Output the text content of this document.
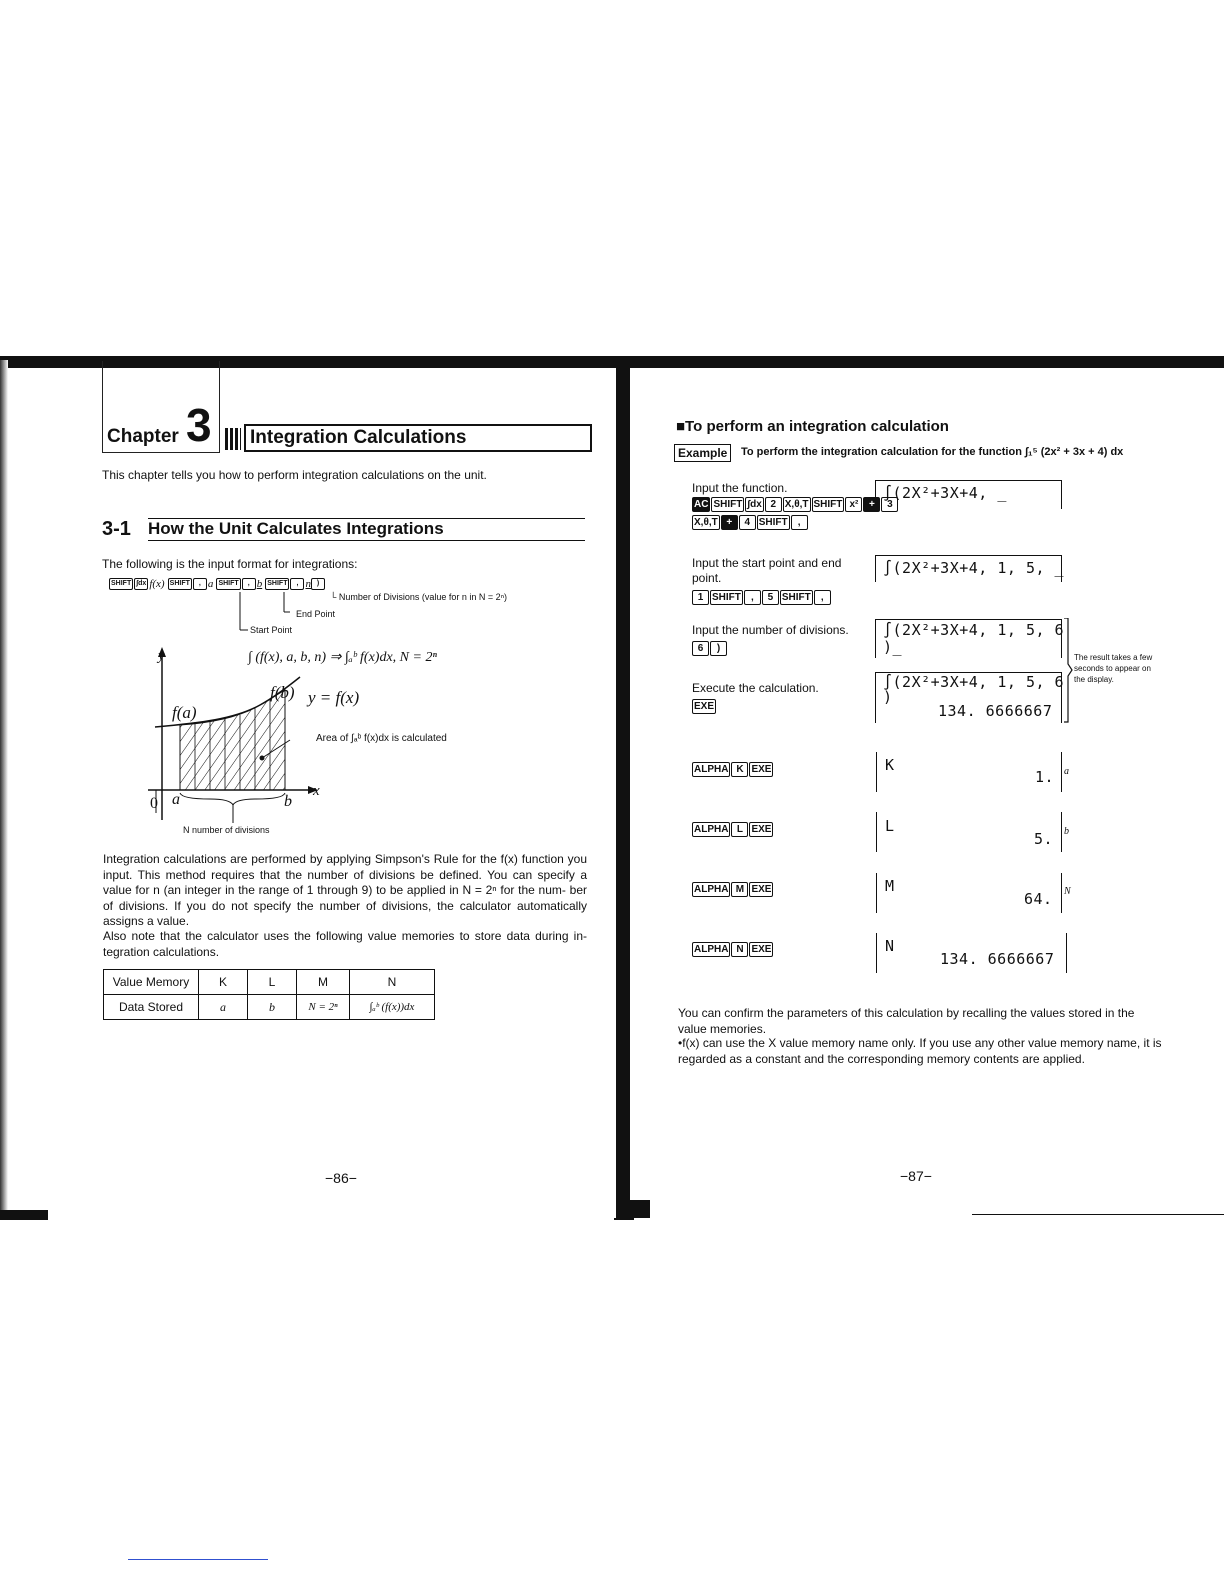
Chapter 3	Integration Calculations
This chapter tells you how to perform integration calculations on the unit.
3-1 How the Unit Calculates Integrations
The following is the input format for integrations:
SHIFT ∫dx f(x) SHIFT , a SHIFT , b SHIFT , n )
└ Number of Divisions (value for n in N = 2ⁿ)
End Point
Start Point
∫ (f(x), a, b, n) ⇒ ∫ₐᵇ f(x)dx, N = 2ⁿ
y
x
0 a	b
f(a)
f(b) y = f(x)
Area of ∫ₐᵇ f(x)dx is calculated
N number of divisions
Integration calculations are performed by applying Simpson's Rule for the f(x) function you input. This method requires that the number of divisions be defined. You can specify a value for n (an integer in the range of 1 through 9) to be applied in N = 2ⁿ for the num- ber of divisions. If you do not specify the number of divisions, the calculator automatically assigns a value.
Also note that the calculator uses the following value memories to store data during in- tegration calculations.
Value Memory	K	L	M	N
Data Stored	a	b	N = 2ⁿ	∫ₐᵇ (f(x))dx
−86−
■To perform an integration calculation
Example	To perform the integration calculation for the function ∫₁⁵ (2x² + 3x + 4) dx
Input the function.
AC SHIFT ∫dx 2 X,θ,T SHIFT x² + 3
X,θ,T + 4 SHIFT ,
∫(2X²+3X+4, _
Input the start point and end point.
1 SHIFT , 5 SHIFT ,
∫(2X²+3X+4, 1, 5, _
Input the number of divisions.
6 )
∫(2X²+3X+4, 1, 5, 6
)_
Execute the calculation.
EXE
∫(2X²+3X+4, 1, 5, 6
)
134. 6666667
The result takes a few seconds to appear on the display.
ALPHA K EXE	K
1. a
ALPHA L EXE	L
5. b
ALPHA M EXE	M
64. N
ALPHA N EXE	N
134. 6666667
You can confirm the parameters of this calculation by recalling the values stored in the value memories.
•f(x) can use the X value memory name only. If you use any other value memory name, it is regarded as a constant and the corresponding memory contents are applied.
−87−
